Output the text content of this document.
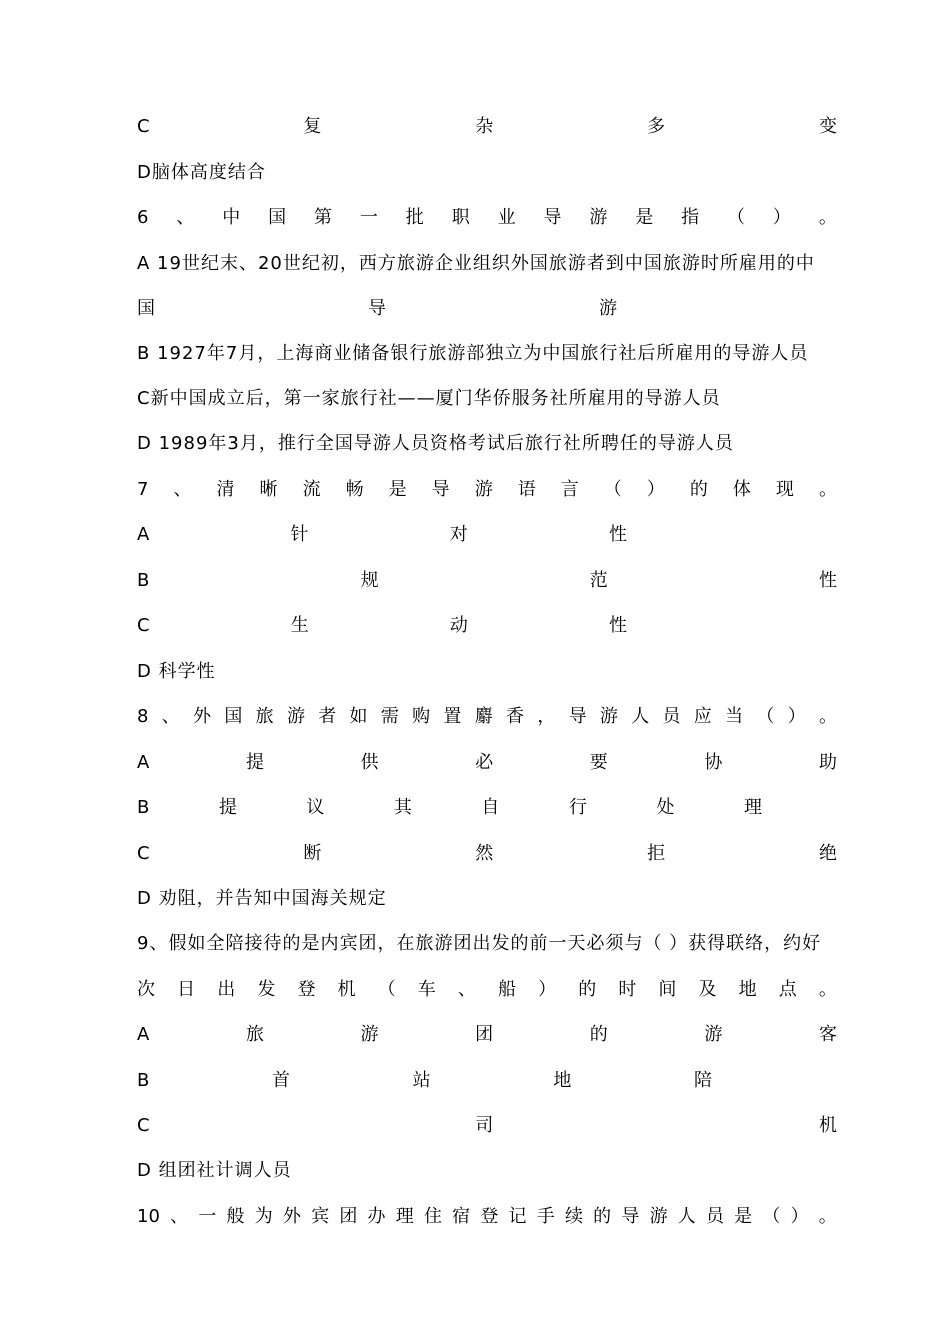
C	复	杂	多	变
D脑体高度结合
6 、 中 国 第 一 批 职 业 导 游 是 指 （ ） 。
A 19世纪末、20世纪初，西方旅游企业组织外国旅游者到中国旅游时所雇用的中
国	导	游
B 1927年7月，上海商业储备银行旅游部独立为中国旅行社后所雇用的导游人员
C新中国成立后，第一家旅行社——厦门华侨服务社所雇用的导游人员
D 1989年3月，推行全国导游人员资格考试后旅行社所聘任的导游人员
7 、 清 晰 流 畅 是 导 游 语 言 （ ） 的 体 现 。
A	针	对	性
B	规	范	性
C	生	动	性
D 科学性
8 、 外 国 旅 游 者 如 需 购 置 麝 香 ， 导 游 人 员 应 当 （ ） 。
A	提	供	必	要	协	助
B	提	议	其	自	行	处	理
C	断	然	拒	绝
D 劝阻，并告知中国海关规定
9、假如全陪接待的是内宾团，在旅游团出发的前一天必须与（ ）获得联络，约好
次 日 出 发 登 机 （ 车 、 船 ） 的 时 间 及 地 点 。
A	旅	游	团	的	游	客
B	首	站	地	陪
C	司	机
D 组团社计调人员
10 、 一 般 为 外 宾 团 办 理 住 宿 登 记 手 续 的 导 游 人 员 是 （ ） 。
